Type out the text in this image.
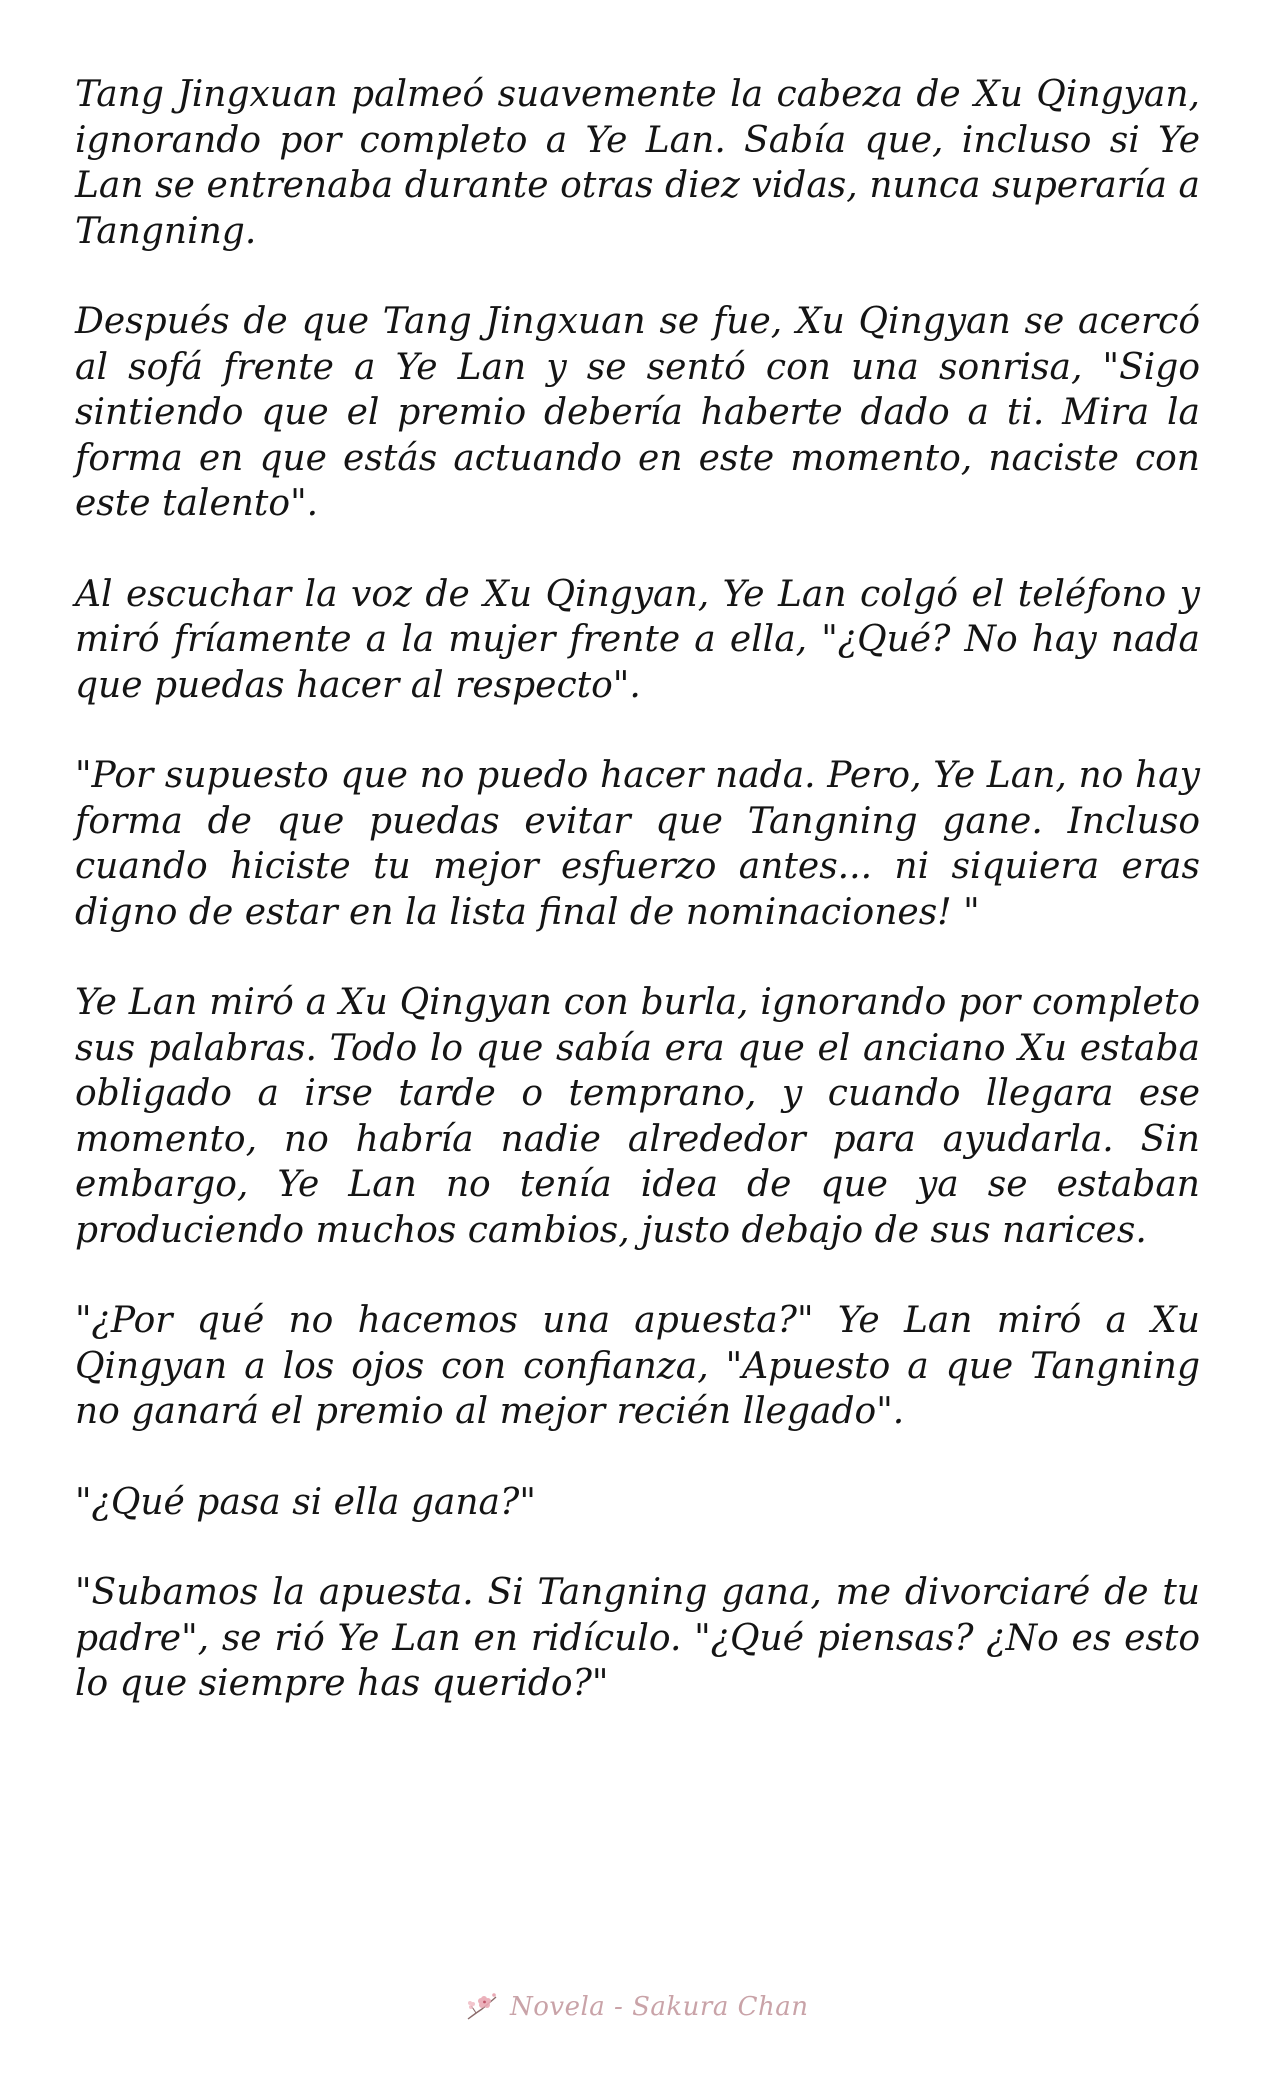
Tang Jingxuan palmeó suavemente la cabeza de Xu Qingyan, ignorando por completo a Ye Lan. Sabía que, incluso si Ye Lan se entrenaba durante otras diez vidas, nunca superaría a Tangning.

Después de que Tang Jingxuan se fue, Xu Qingyan se acercó al sofá frente a Ye Lan y se sentó con una sonrisa, "Sigo sintiendo que el premio debería haberte dado a ti. Mira la forma en que estás actuando en este momento, naciste con este talento".

Al escuchar la voz de Xu Qingyan, Ye Lan colgó el teléfono y miró fríamente a la mujer frente a ella, "¿Qué? No hay nada que puedas hacer al respecto".

"Por supuesto que no puedo hacer nada. Pero, Ye Lan, no hay forma de que puedas evitar que Tangning gane. Incluso cuando hiciste tu mejor esfuerzo antes... ni siquiera eras digno de estar en la lista final de nominaciones! "

Ye Lan miró a Xu Qingyan con burla, ignorando por completo sus palabras. Todo lo que sabía era que el anciano Xu estaba obligado a irse tarde o temprano, y cuando llegara ese momento, no habría nadie alrededor para ayudarla. Sin embargo, Ye Lan no tenía idea de que ya se estaban produciendo muchos cambios, justo debajo de sus narices.

"¿Por qué no hacemos una apuesta?" Ye Lan miró a Xu Qingyan a los ojos con confianza, "Apuesto a que Tangning no ganará el premio al mejor recién llegado".

"¿Qué pasa si ella gana?"

"Subamos la apuesta. Si Tangning gana, me divorciaré de tu padre", se rió Ye Lan en ridículo. "¿Qué piensas? ¿No es esto lo que siempre has querido?"

Novela - Sakura Chan
